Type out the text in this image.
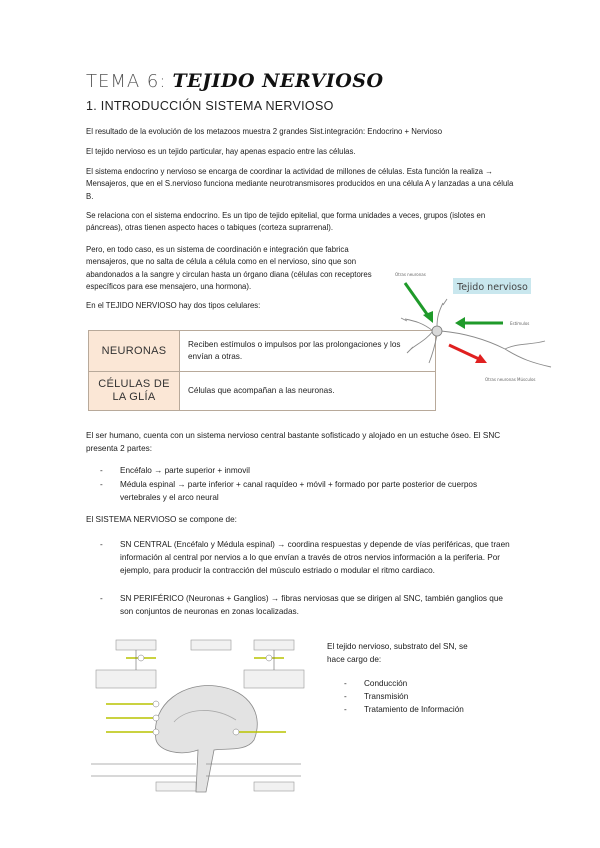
TEMA 6: TEJIDO NERVIOSO
1. INTRODUCCIÓN SISTEMA NERVIOSO
El resultado de la evolución de los metazoos muestra 2 grandes Sist.integración: Endocrino + Nervioso
El tejido nervioso es un tejido particular, hay apenas espacio entre las células.
El sistema endocrino y nervioso se encarga de coordinar la actividad de millones de células. Esta función la realiza → Mensajeros, que en el S.nervioso funciona mediante neurotransmisores producidos en una célula A y lanzadas a una célula B.
Se relaciona con el sistema endocrino. Es un tipo de tejido epitelial, que forma unidades a veces, grupos (islotes en páncreas), otras tienen aspecto haces o tabiques (corteza suprarrenal).
Pero, en todo caso, es un sistema de coordinación e integración que fabrica mensajeros, que no salta de célula a célula como en el nervioso, sino que son abandonados a la sangre y circulan hasta un órgano diana (células con receptores específicos para ese mensajero, una hormona).
En el TEJIDO NERVIOSO hay dos tipos celulares:
NEURONAS	Reciben estímulos o impulsos por las prolongaciones y los envían a otras.
CÉLULAS DE LA GLÍA	Células que acompañan a las neuronas.
Tejido nervioso
Otras neuronas
Estímulos
Otras neuronas Músculos
El ser humano, cuenta con un sistema nervioso central bastante sofisticado y alojado en un estuche óseo. El SNC presenta 2 partes:
- Encéfalo → parte superior + inmovil
- Médula espinal → parte inferior + canal raquídeo + móvil + formado por parte posterior de cuerpos vertebrales y el arco neural
El SISTEMA NERVIOSO se compone de:
- SN CENTRAL (Encéfalo y Médula espinal) → coordina respuestas y depende de vías periféricas, que traen información al central por nervios a lo que envían a través de otros nervios información a la periferia. Por ejemplo, para producir la contracción del músculo estriado o modular el ritmo cardiaco.
- SN PERIFÉRICO (Neuronas + Ganglios) → fibras nerviosas que se dirigen al SNC, también ganglios que son conjuntos de neuronas en zonas localizadas.
El tejido nervioso, substrato del SN, se hace cargo de:
- Conducción
- Transmisión
- Tratamiento de Información
